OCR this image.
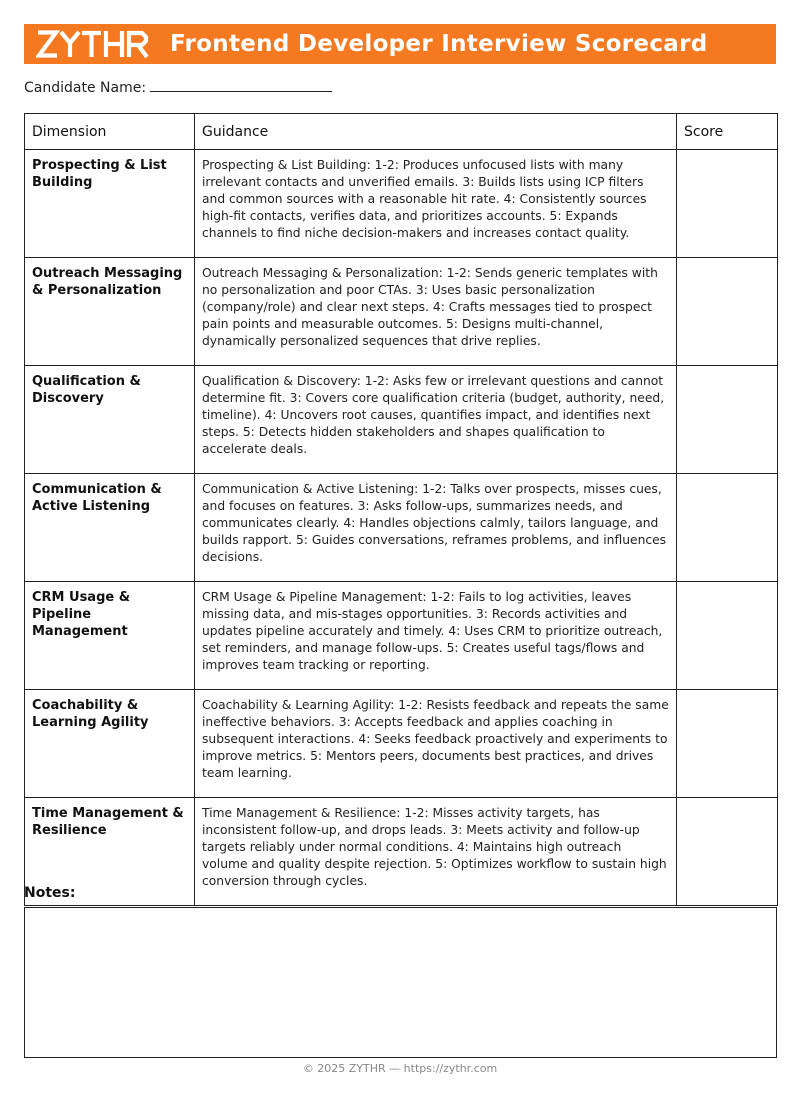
Frontend Developer Interview Scorecard
Candidate Name:
Dimension	Guidance	Score
Prospecting & List Building	Prospecting & List Building: 1-2: Produces unfocused lists with many irrelevant contacts and unverified emails. 3: Builds lists using ICP filters and common sources with a reasonable hit rate. 4: Consistently sources high-fit contacts, verifies data, and prioritizes accounts. 5: Expands channels to find niche decision-makers and increases contact quality.	
Outreach Messaging & Personalization	Outreach Messaging & Personalization: 1-2: Sends generic templates with no personalization and poor CTAs. 3: Uses basic personalization (company/role) and clear next steps. 4: Crafts messages tied to prospect pain points and measurable outcomes. 5: Designs multi-channel, dynamically personalized sequences that drive replies.	
Qualification & Discovery	Qualification & Discovery: 1-2: Asks few or irrelevant questions and cannot determine fit. 3: Covers core qualification criteria (budget, authority, need, timeline). 4: Uncovers root causes, quantifies impact, and identifies next steps. 5: Detects hidden stakeholders and shapes qualification to accelerate deals.	
Communication & Active Listening	Communication & Active Listening: 1-2: Talks over prospects, misses cues, and focuses on features. 3: Asks follow-ups, summarizes needs, and communicates clearly. 4: Handles objections calmly, tailors language, and builds rapport. 5: Guides conversations, reframes problems, and influences decisions.	
CRM Usage & Pipeline Management	CRM Usage & Pipeline Management: 1-2: Fails to log activities, leaves missing data, and mis-stages opportunities. 3: Records activities and updates pipeline accurately and timely. 4: Uses CRM to prioritize outreach, set reminders, and manage follow-ups. 5: Creates useful tags/flows and improves team tracking or reporting.	
Coachability & Learning Agility	Coachability & Learning Agility: 1-2: Resists feedback and repeats the same ineffective behaviors. 3: Accepts feedback and applies coaching in subsequent interactions. 4: Seeks feedback proactively and experiments to improve metrics. 5: Mentors peers, documents best practices, and drives team learning.	
Time Management & Resilience	Time Management & Resilience: 1-2: Misses activity targets, has inconsistent follow-up, and drops leads. 3: Meets activity and follow-up targets reliably under normal conditions. 4: Maintains high outreach volume and quality despite rejection. 5: Optimizes workflow to sustain high conversion through cycles.	
Notes:
© 2025 ZYTHR — https://zythr.com
